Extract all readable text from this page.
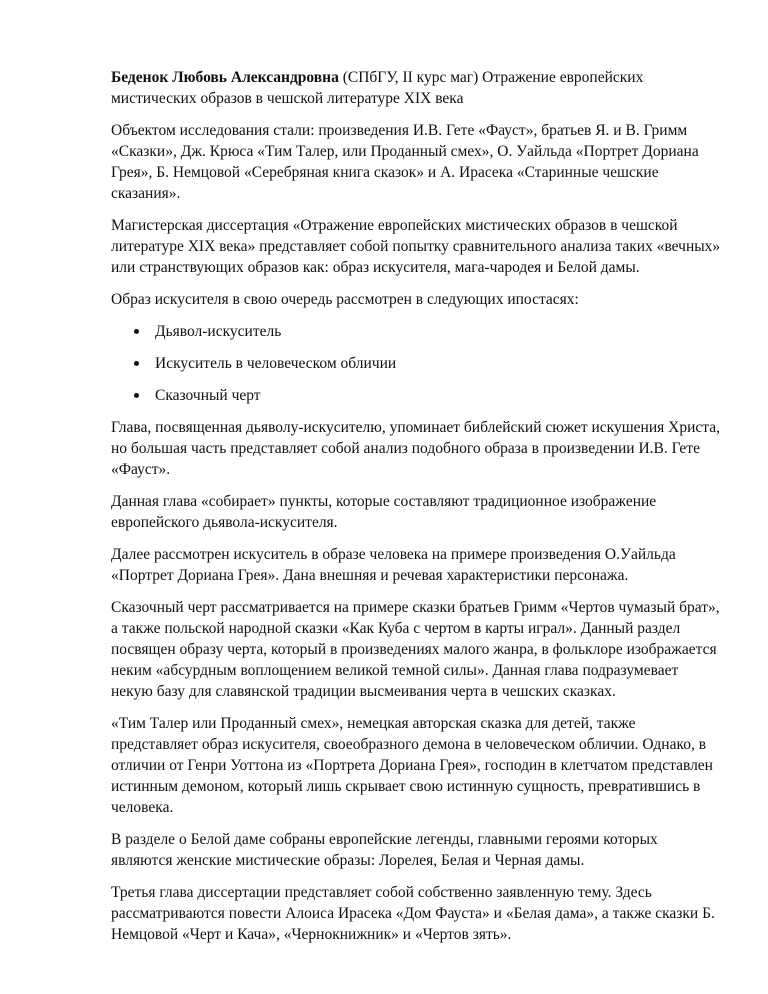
Беденок Любовь Александровна (СПбГУ, II курс маг) Отражение европейских мистических образов в чешской литературе XIX века

Объектом исследования стали: произведения И.В. Гете «Фауст», братьев Я. и В. Гримм «Сказки», Дж. Крюса «Тим Талер, или Проданный смех», О. Уайльда «Портрет Дориана Грея», Б. Немцовой «Серебряная книга сказок» и А. Ирасека «Старинные чешские сказания».

Магистерская диссертация «Отражение европейских мистических образов в чешской литературе XIX века» представляет собой попытку сравнительного анализа таких «вечных» или странствующих образов как: образ искусителя, мага-чародея и Белой дамы.

Образ искусителя в свою очередь рассмотрен в следующих ипостасях:

Дьявол-искуситель
Искуситель в человеческом обличии
Сказочный черт

Глава, посвященная дьяволу-искусителю, упоминает библейский сюжет искушения Христа, но большая часть представляет собой анализ подобного образа в произведении И.В. Гете «Фауст».

Данная глава «собирает» пункты, которые составляют традиционное изображение европейского дьявола-искусителя.

Далее рассмотрен искуситель в образе человека на примере произведения О.Уайльда «Портрет Дориана Грея». Дана внешняя и речевая характеристики персонажа.

Сказочный черт рассматривается на примере сказки братьев Гримм «Чертов чумазый брат», а также польской народной сказки «Как Куба с чертом в карты играл». Данный раздел посвящен образу черта, который в произведениях малого жанра, в фольклоре изображается неким «абсурдным воплощением великой темной силы». Данная глава подразумевает некую базу для славянской традиции высмеивания черта в чешских сказках.

«Тим Талер или Проданный смех», немецкая авторская сказка для детей, также представляет образ искусителя, своеобразного демона в человеческом обличии. Однако, в отличии от Генри Уоттона из «Портрета Дориана Грея», господин в клетчатом представлен истинным демоном, который лишь скрывает свою истинную сущность, превратившись в человека.

В разделе о Белой даме собраны европейские легенды, главными героями которых являются женские мистические образы: Лорелея, Белая и Черная дамы.

Третья глава диссертации представляет собой собственно заявленную тему. Здесь рассматриваются повести Алоиса Ирасека «Дом Фауста» и «Белая дама», а также сказки Б. Немцовой «Черт и Кача», «Чернокнижник» и «Чертов зять».
